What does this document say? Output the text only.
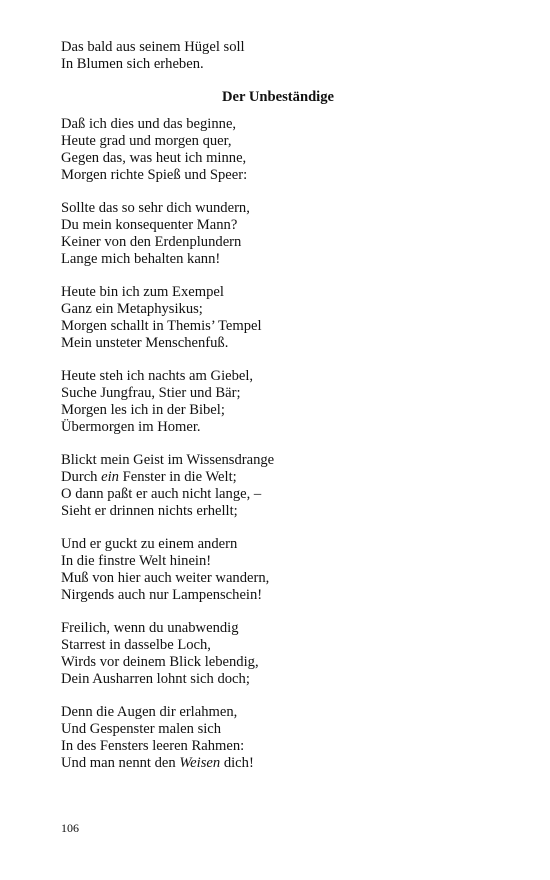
Das bald aus seinem Hügel soll
In Blumen sich erheben.
Der Unbeständige
Daß ich dies und das beginne,
Heute grad und morgen quer,
Gegen das, was heut ich minne,
Morgen richte Spieß und Speer:
Sollte das so sehr dich wundern,
Du mein konsequenter Mann?
Keiner von den Erdenplundern
Lange mich behalten kann!
Heute bin ich zum Exempel
Ganz ein Metaphysikus;
Morgen schallt in Themis’ Tempel
Mein unsteter Menschenfuß.
Heute steh ich nachts am Giebel,
Suche Jungfrau, Stier und Bär;
Morgen les ich in der Bibel;
Übermorgen im Homer.
Blickt mein Geist im Wissensdrange
Durch ein Fenster in die Welt;
O dann paßt er auch nicht lange, –
Sieht er drinnen nichts erhellt;
Und er guckt zu einem andern
In die finstre Welt hinein!
Muß von hier auch weiter wandern,
Nirgends auch nur Lampenschein!
Freilich, wenn du unabwendig
Starrest in dasselbe Loch,
Wirds vor deinem Blick lebendig,
Dein Ausharren lohnt sich doch;
Denn die Augen dir erlahmen,
Und Gespenster malen sich
In des Fensters leeren Rahmen:
Und man nennt den Weisen dich!
106
